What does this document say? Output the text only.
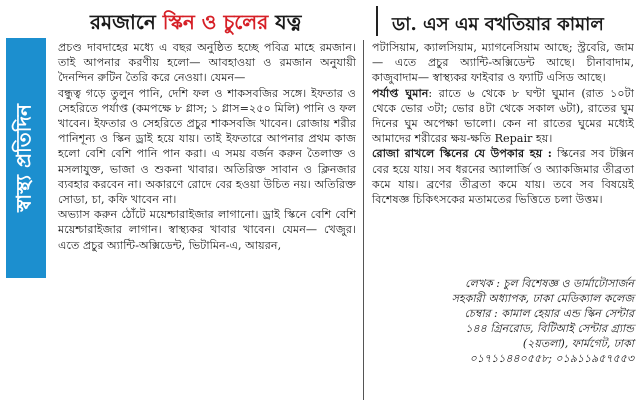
স্বাস্থ্য প্রতিদিন
রমজানে স্কিন ও চুলের যত্ন	ডা. এস এম বখতিয়ার কামাল

প্রচণ্ড দাবদাহের মধ্যে এ বছর অনুষ্ঠিত হচ্ছে পবিত্র মাহে রমজান। তাই আপনার করণীয় হলো— আবহাওয়া ও রমজান অনুযায়ী দৈনন্দিন রুটিন তৈরি করে নেওয়া। যেমন—

বন্ধুত্ব গড়ে তুলুন পানি, দেশি ফল ও শাকসবজির সঙ্গে। ইফতার ও সেহরিতে পর্যাপ্ত (কমপক্ষে ৮ গ্লাস; ১ গ্লাস=২৫০ মিলি) পানি ও ফল খাবেন। ইফতার ও সেহরিতে প্রচুর শাকসবজি খাবেন। রোজায় শরীর পানিশূন্য ও স্কিন ড্রাই হয়ে যায়। তাই ইফতারে আপনার প্রথম কাজ হলো বেশি বেশি পানি পান করা। এ সময় বর্জন করুন তৈলাক্ত ও মসলাযুক্ত, ভাজা ও শুকনা খাবার। অতিরিক্ত সাবান ও ক্লিনজার ব্যবহার করবেন না। অকারণে রোদে বের হওয়া উচিত নয়। অতিরিক্ত সোডা, চা, কফি খাবেন না।

অভ্যাস করুন ঠোঁটে ময়েশ্চারাইজার লাগানো। ড্রাই স্কিনে বেশি বেশি ময়েশ্চারাইজার লাগান। স্বাস্থ্যকর খাবার খাবেন। যেমন— খেজুর। এতে প্রচুর অ্যান্টি-অক্সিডেন্ট, ভিটামিন-এ, আয়রন,

পটাসিয়াম, ক্যালসিয়াম, ম্যাগনেসিয়াম আছে; স্ট্রবেরি, জাম— এতে প্রচুর অ্যান্টি-অক্সিডেন্ট আছে। চীনাবাদাম, কাজুবাদাম— স্বাস্থ্যকর ফাইবার ও ফ্যাটি এসিড আছে।

পর্যাপ্ত ঘুমান: রাতে ৬ থেকে ৮ ঘণ্টা ঘুমান (রাত ১০টা থেকে ভোর ৩টা; ভোর ৪টা থেকে সকাল ৬টা), রাতের ঘুম দিনের ঘুম অপেক্ষা ভালো। কেন না রাতের ঘুমের মধ্যেই আমাদের শরীরের ক্ষয়-ক্ষতি Repair হয়।

রোজা রাখলে স্কিনের যে উপকার হয় : স্কিনের সব টক্সিন বের হয়ে যায়। সব ধরনের অ্যালার্জি ও অ্যাকজিমার তীব্রতা কমে যায়। ব্রণের তীব্রতা কমে যায়। তবে সব বিষয়েই বিশেষজ্ঞ চিকিৎসকের মতামতের ভিত্তিতে চলা উত্তম।

লেখক : চুল বিশেষজ্ঞ ও ডার্মাটোসার্জন
সহকারী অধ্যাপক, ঢাকা মেডিক্যাল কলেজ
চেম্বার : কামাল হেয়ার এন্ড স্কিন সেন্টার
১৪৪ গ্রিনরোড, বিটিআই সেন্টার গ্র্যান্ড
(২য়তলা), ফার্মগেট, ঢাকা
০১৭১১৪৪০৫৫৮; ০১৯১১৯৫৭৫৫৩
